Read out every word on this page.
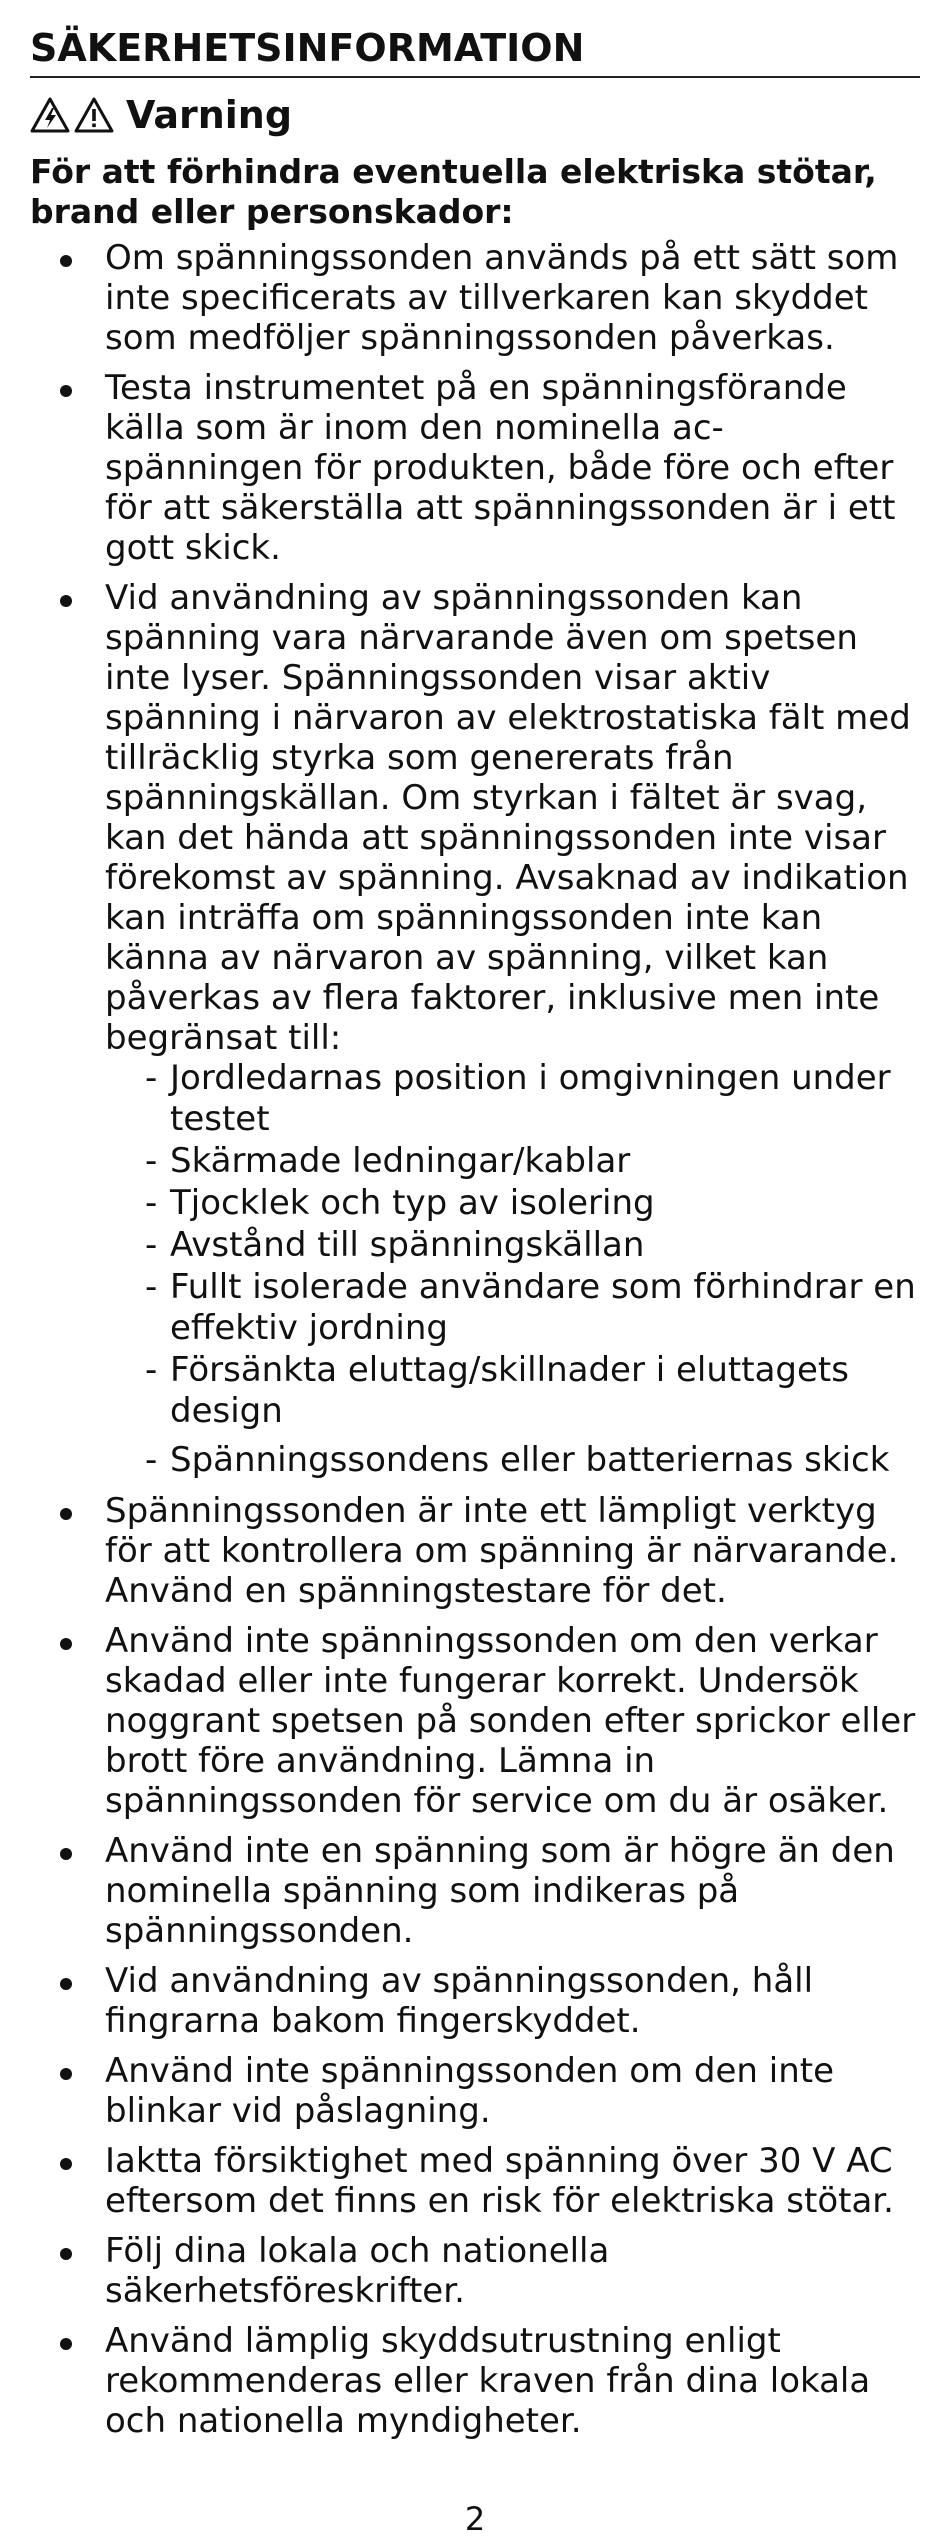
SÄKERHETSINFORMATION
Varning
För att förhindra eventuella elektriska stötar, brand eller personskador:
Om spänningssonden används på ett sätt som inte specificerats av tillverkaren kan skyddet som medföljer spänningssonden påverkas.
Testa instrumentet på en spänningsförande källa som är inom den nominella ac-spänningen för produkten, både före och efter för att säkerställa att spänningssonden är i ett gott skick.
Vid användning av spänningssonden kan spänning vara närvarande även om spetsen inte lyser. Spänningssonden visar aktiv spänning i närvaron av elektrostatiska fält med tillräcklig styrka som genererats från spänningskällan. Om styrkan i fältet är svag, kan det hända att spänningssonden inte visar förekomst av spänning. Avsaknad av indikation kan inträffa om spänningssonden inte kan känna av närvaron av spänning, vilket kan påverkas av flera faktorer, inklusive men inte begränsat till:
- Jordledarnas position i omgivningen under testet
- Skärmade ledningar/kablar
- Tjocklek och typ av isolering
- Avstånd till spänningskällan
- Fullt isolerade användare som förhindrar en effektiv jordning
- Försänkta eluttag/skillnader i eluttagets design
- Spänningssondens eller batteriernas skick
Spänningssonden är inte ett lämpligt verktyg för att kontrollera om spänning är närvarande. Använd en spänningstestare för det.
Använd inte spänningssonden om den verkar skadad eller inte fungerar korrekt. Undersök noggrant spetsen på sonden efter sprickor eller brott före användning. Lämna in spänningssonden för service om du är osäker.
Använd inte en spänning som är högre än den nominella spänning som indikeras på spänningssonden.
Vid användning av spänningssonden, håll fingrarna bakom fingerskyddet.
Använd inte spänningssonden om den inte blinkar vid påslagning.
Iaktta försiktighet med spänning över 30 V AC eftersom det finns en risk för elektriska stötar.
Följ dina lokala och nationella säkerhetsföreskrifter.
Använd lämplig skyddsutrustning enligt rekommenderas eller kraven från dina lokala och nationella myndigheter.
2
